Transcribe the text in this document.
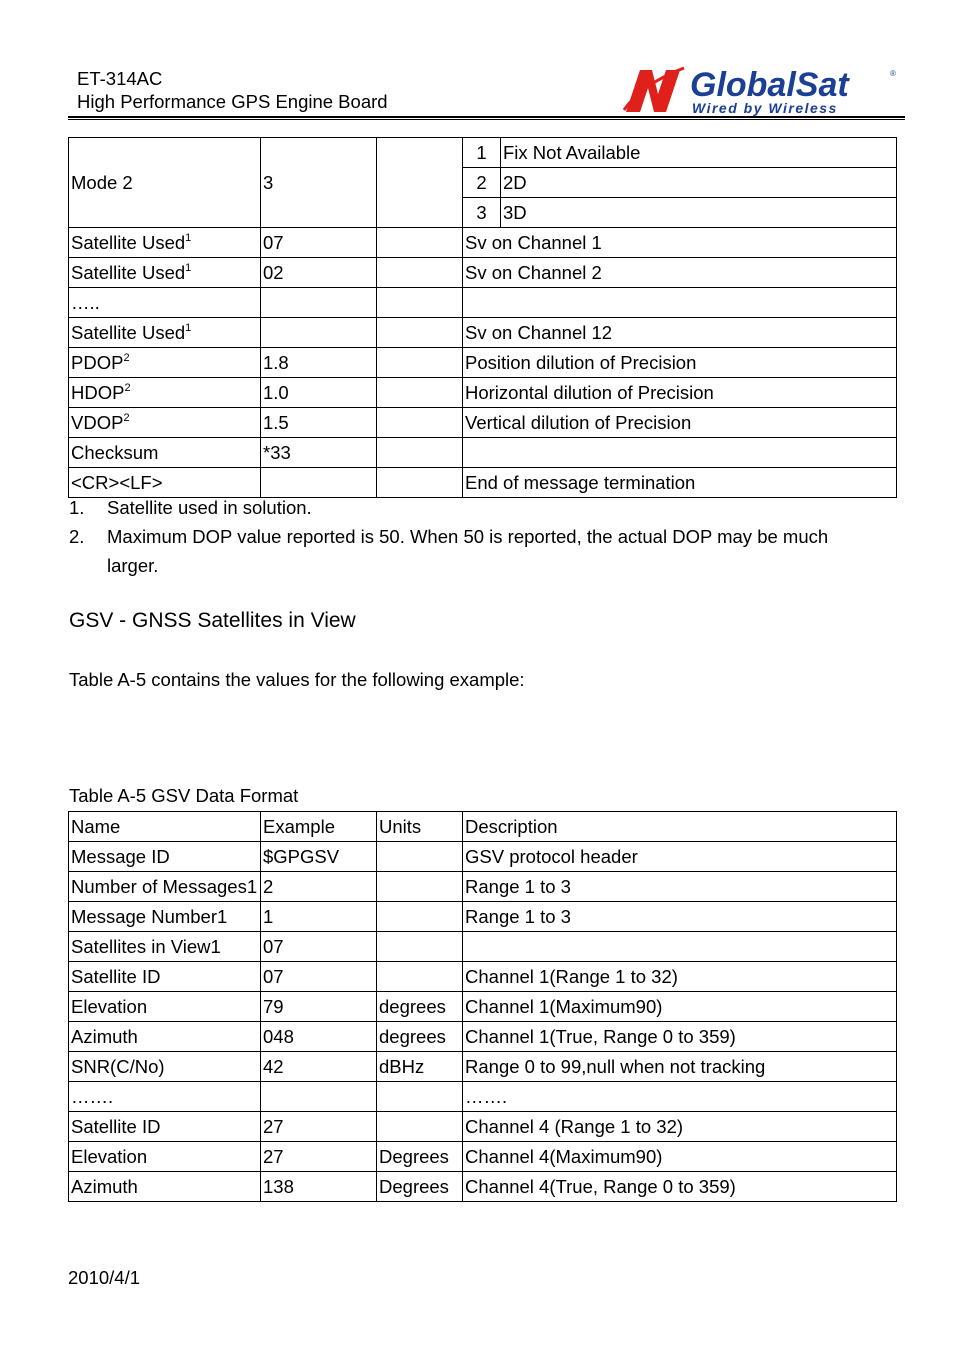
ET-314AC
High Performance GPS Engine Board	GlobalSat
Wired by Wireless
®
Mode 2	3		1	Fix Not Available
			2	2D
			3	3D
Satellite Used$^1$	07		Sv on Channel 1	
Satellite Used$^1$	02		Sv on Channel 2	
…..				
Satellite Used$^1$			Sv on Channel 12	
PDOP$^2$	1.8		Position dilution of Precision	
HDOP$^2$	1.0		Horizontal dilution of Precision	
VDOP$^2$	1.5		Vertical dilution of Precision	
Checksum	*33			
<CR><LF>			End of message termination	
1. Satellite used in solution.
2.	Maximum DOP value reported is 50. When 50 is reported, the actual DOP may be much larger.
GSV - GNSS Satellites in View
Table A-5 contains the values for the following example:
Table A-5 GSV Data Format
Name	Example	Units	Description
Message ID	$GPGSV		GSV protocol header
Number of Messages1	2		Range 1 to 3
Message Number1	1		Range 1 to 3
Satellites in View1	07		
Satellite ID	07		Channel 1(Range 1 to 32)
Elevation	79	degrees	Channel 1(Maximum90)
Azimuth	048	degrees	Channel 1(True, Range 0 to 359)
SNR(C/No)	42	dBHz	Range 0 to 99,null when not tracking
…….			…….
Satellite ID	27		Channel 4 (Range 1 to 32)
Elevation	27	Degrees	Channel 4(Maximum90)
Azimuth	138	Degrees	Channel 4(True, Range 0 to 359)
2010/4/1
